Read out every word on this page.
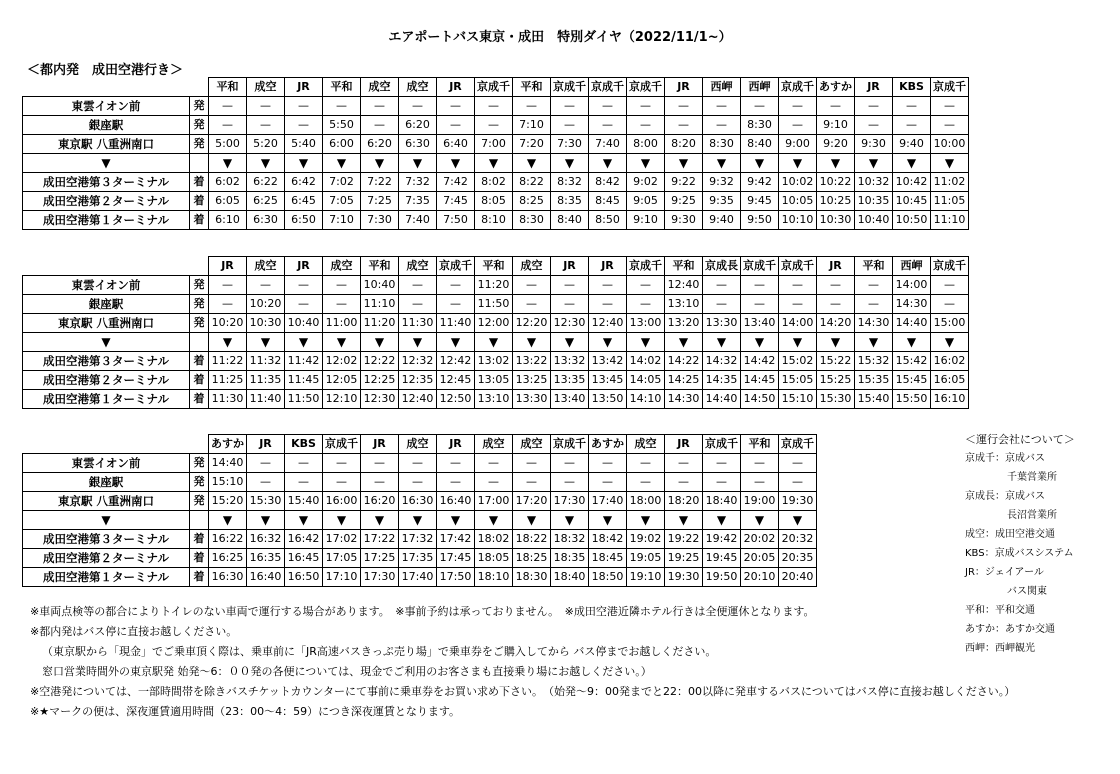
エアポートバス東京・成田　特別ダイヤ（2022/11/1~）
＜都内発　成田空港行き＞
		平和	成空	JR	平和	成空	成空	JR	京成千	平和	京成千	京成千	京成千	JR	西岬	西岬	京成千	あすか	JR	KBS	京成千
東雲イオン前	発	—	—	—	—	—	—	—	—	—	—	—	—	—	—	—	—	—	—	—	—
銀座駅	発	—	—	—	5:50	—	6:20	—	—	7:10	—	—	—	—	—	8:30	—	9:10	—	—	—
東京駅 八重洲南口	発	5:00	5:20	5:40	6:00	6:20	6:30	6:40	7:00	7:20	7:30	7:40	8:00	8:20	8:30	8:40	9:00	9:20	9:30	9:40	10:00
▼		▼	▼	▼	▼	▼	▼	▼	▼	▼	▼	▼	▼	▼	▼	▼	▼	▼	▼	▼	▼
成田空港第３ターミナル	着	6:02	6:22	6:42	7:02	7:22	7:32	7:42	8:02	8:22	8:32	8:42	9:02	9:22	9:32	9:42	10:02	10:22	10:32	10:42	11:02
成田空港第２ターミナル	着	6:05	6:25	6:45	7:05	7:25	7:35	7:45	8:05	8:25	8:35	8:45	9:05	9:25	9:35	9:45	10:05	10:25	10:35	10:45	11:05
成田空港第１ターミナル	着	6:10	6:30	6:50	7:10	7:30	7:40	7:50	8:10	8:30	8:40	8:50	9:10	9:30	9:40	9:50	10:10	10:30	10:40	10:50	11:10
		JR	成空	JR	成空	平和	成空	京成千	平和	成空	JR	JR	京成千	平和	京成長	京成千	京成千	JR	平和	西岬	京成千
東雲イオン前	発	—	—	—	—	10:40	—	—	11:20	—	—	—	—	12:40	—	—	—	—	—	14:00	—
銀座駅	発	—	10:20	—	—	11:10	—	—	11:50	—	—	—	—	13:10	—	—	—	—	—	14:30	—
東京駅 八重洲南口	発	10:20	10:30	10:40	11:00	11:20	11:30	11:40	12:00	12:20	12:30	12:40	13:00	13:20	13:30	13:40	14:00	14:20	14:30	14:40	15:00
▼		▼	▼	▼	▼	▼	▼	▼	▼	▼	▼	▼	▼	▼	▼	▼	▼	▼	▼	▼	▼
成田空港第３ターミナル	着	11:22	11:32	11:42	12:02	12:22	12:32	12:42	13:02	13:22	13:32	13:42	14:02	14:22	14:32	14:42	15:02	15:22	15:32	15:42	16:02
成田空港第２ターミナル	着	11:25	11:35	11:45	12:05	12:25	12:35	12:45	13:05	13:25	13:35	13:45	14:05	14:25	14:35	14:45	15:05	15:25	15:35	15:45	16:05
成田空港第１ターミナル	着	11:30	11:40	11:50	12:10	12:30	12:40	12:50	13:10	13:30	13:40	13:50	14:10	14:30	14:40	14:50	15:10	15:30	15:40	15:50	16:10
		あすか	JR	KBS	京成千	JR	成空	JR	成空	成空	京成千	あすか	成空	JR	京成千	平和	京成千
東雲イオン前	発	14:40	—	—	—	—	—	—	—	—	—	—	—	—	—	—	—
銀座駅	発	15:10	—	—	—	—	—	—	—	—	—	—	—	—	—	—	—
東京駅 八重洲南口	発	15:20	15:30	15:40	16:00	16:20	16:30	16:40	17:00	17:20	17:30	17:40	18:00	18:20	18:40	19:00	19:30
▼		▼	▼	▼	▼	▼	▼	▼	▼	▼	▼	▼	▼	▼	▼	▼	▼
成田空港第３ターミナル	着	16:22	16:32	16:42	17:02	17:22	17:32	17:42	18:02	18:22	18:32	18:42	19:02	19:22	19:42	20:02	20:32
成田空港第２ターミナル	着	16:25	16:35	16:45	17:05	17:25	17:35	17:45	18:05	18:25	18:35	18:45	19:05	19:25	19:45	20:05	20:35
成田空港第１ターミナル	着	16:30	16:40	16:50	17:10	17:30	17:40	17:50	18:10	18:30	18:40	18:50	19:10	19:30	19:50	20:10	20:40
※車両点検等の都合によりトイレのない車両で運行する場合があります。　※事前予約は承っておりません。　※成田空港近隣ホテル行きは全便運休となります。
※都内発はバス停に直接お越しください。
（東京駅から「現金」でご乗車頂く際は、乗車前に「JR高速バスきっぷ売り場」で乗車券をご購入してから バス停までお越しください。
窓口営業時間外の東京駅発 始発～6：００発の各便については、現金でご利用のお客さまも直接乗り場にお越しください。）
※空港発については、一部時間帯を除きバスチケットカウンターにて事前に乗車券をお買い求め下さい。　（始発～9：00発までと22：00以降に発車するバスについてはバス停に直接お越しください。）
※★マークの便は、深夜運賃適用時間（23：00～4：59）につき深夜運賃となります。
＜運行会社について＞
京成千：京成バス
千葉営業所
京成長：京成バス
長沼営業所
成空：成田空港交通
KBS：京成バスシステム
JR：ジェイアール
バス関東
平和：平和交通
あすか：あすか交通
西岬：西岬観光
